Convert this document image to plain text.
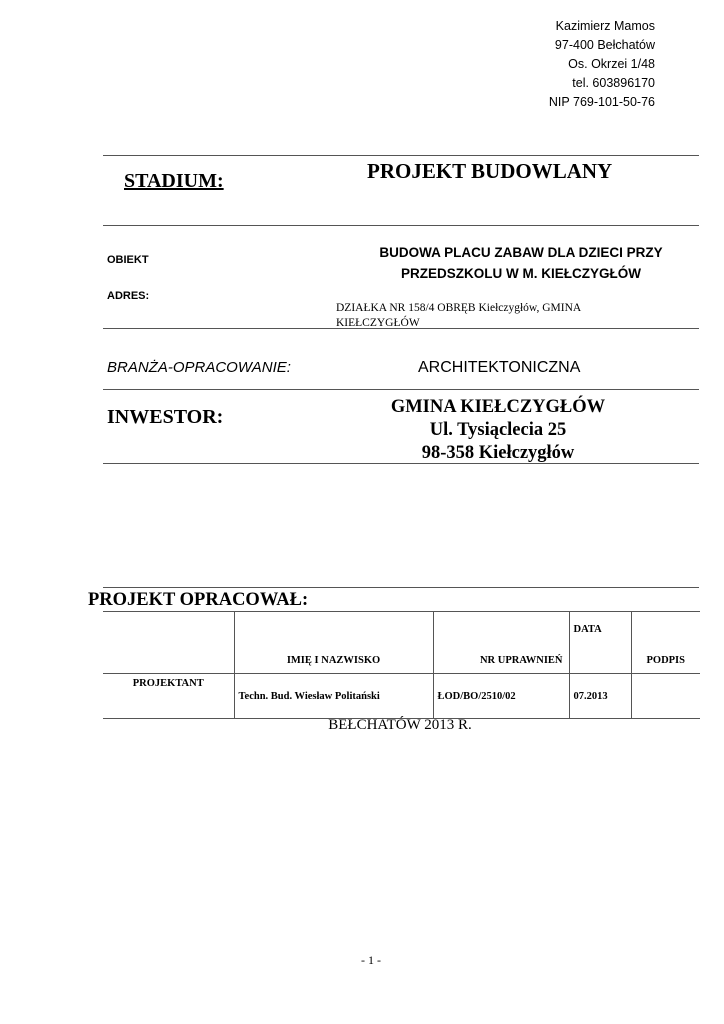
Kazimierz Mamos
97-400 Bełchatów
Os. Okrzei 1/48
tel. 603896170
NIP 769-101-50-76
STADIUM:	PROJEKT BUDOWLANY
OBIEKT	BUDOWA PLACU ZABAW DLA DZIECI PRZY
PRZEDSZKOLU W M. KIEŁCZYGŁÓW
ADRES:
DZIAŁKA NR 158/4 OBRĘB Kiełczygłów, GMINA
KIEŁCZYGŁÓW
BRANŻA-OPRACOWANIE:	ARCHITEKTONICZNA
INWESTOR:	GMINA KIEŁCZYGŁÓW
Ul. Tysiąclecia 25
98-358 Kiełczygłów
PROJEKT OPRACOWAŁ:
	IMIĘ I NAZWISKO	NR UPRAWNIEŃ	DATA	PODPIS
PROJEKTANT	Techn. Bud. Wiesław Politański	ŁOD/BO/2510/02	07.2013	
BEŁCHATÓW 2013 R.
- 1 -
